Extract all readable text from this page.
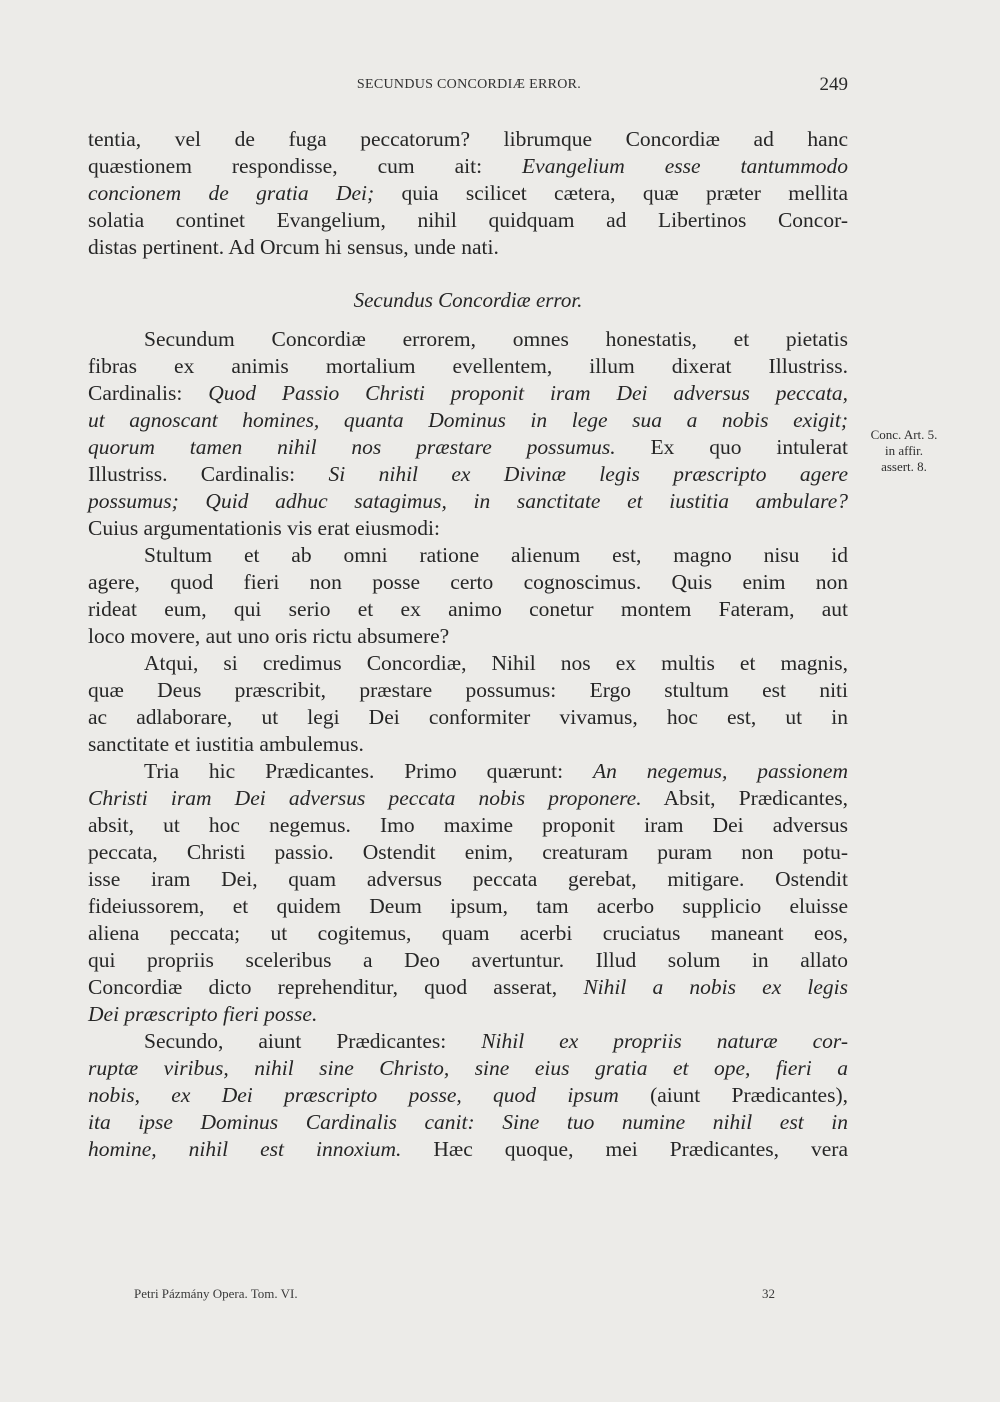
SECUNDUS CONCORDIÆ ERROR.	249

tentia, vel de fuga peccatorum? librumque Concordiæ ad hanc
quæstionem respondisse, cum ait: Evangelium esse tantummodo
concionem de gratia Dei; quia scilicet cætera, quæ præter mellita
solatia continet Evangelium, nihil quidquam ad Libertinos Concor-
distas pertinent. Ad Orcum hi sensus, unde nati.

Secundus Concordiæ error.

Secundum Concordiæ errorem, omnes honestatis, et pietatis
fibras ex animis mortalium evellentem, illum dixerat Illustriss.
Cardinalis: Quod Passio Christi proponit iram Dei adversus peccata,
ut agnoscant homines, quanta Dominus in lege sua a nobis exigit;
quorum tamen nihil nos præstare possumus. Ex quo intulerat
Illustriss. Cardinalis: Si nihil ex Divinæ legis præscripto agere
possumus; Quid adhuc satagimus, in sanctitate et iustitia ambulare?
Cuius argumentationis vis erat eiusmodi:

Stultum et ab omni ratione alienum est, magno nisu id
agere, quod fieri non posse certo cognoscimus. Quis enim non
rideat eum, qui serio et ex animo conetur montem Fateram, aut
loco movere, aut uno oris rictu absumere?

Atqui, si credimus Concordiæ, Nihil nos ex multis et magnis,
quæ Deus præscribit, præstare possumus: Ergo stultum est niti
ac adlaborare, ut legi Dei conformiter vivamus, hoc est, ut in
sanctitate et iustitia ambulemus.

Tria hic Prædicantes. Primo quærunt: An negemus, passionem
Christi iram Dei adversus peccata nobis proponere. Absit, Prædicantes,
absit, ut hoc negemus. Imo maxime proponit iram Dei adversus
peccata, Christi passio. Ostendit enim, creaturam puram non potu-
isse iram Dei, quam adversus peccata gerebat, mitigare. Ostendit
fideiussorem, et quidem Deum ipsum, tam acerbo supplicio eluisse
aliena peccata; ut cogitemus, quam acerbi cruciatus maneant eos,
qui propriis sceleribus a Deo avertuntur. Illud solum in allato
Concordiæ dicto reprehenditur, quod asserat, Nihil a nobis ex legis
Dei præscripto fieri posse.

Secundo, aiunt Prædicantes: Nihil ex propriis naturæ cor-
ruptæ viribus, nihil sine Christo, sine eius gratia et ope, fieri a
nobis, ex Dei præscripto posse, quod ipsum (aiunt Prædicantes),
ita ipse Dominus Cardinalis canit: Sine tuo numine nihil est in
homine, nihil est innoxium. Hæc quoque, mei Prædicantes, vera

Conc. Art. 5.
in affir.
assert. 8.
Petri Pázmány Opera. Tom. VI.	32
